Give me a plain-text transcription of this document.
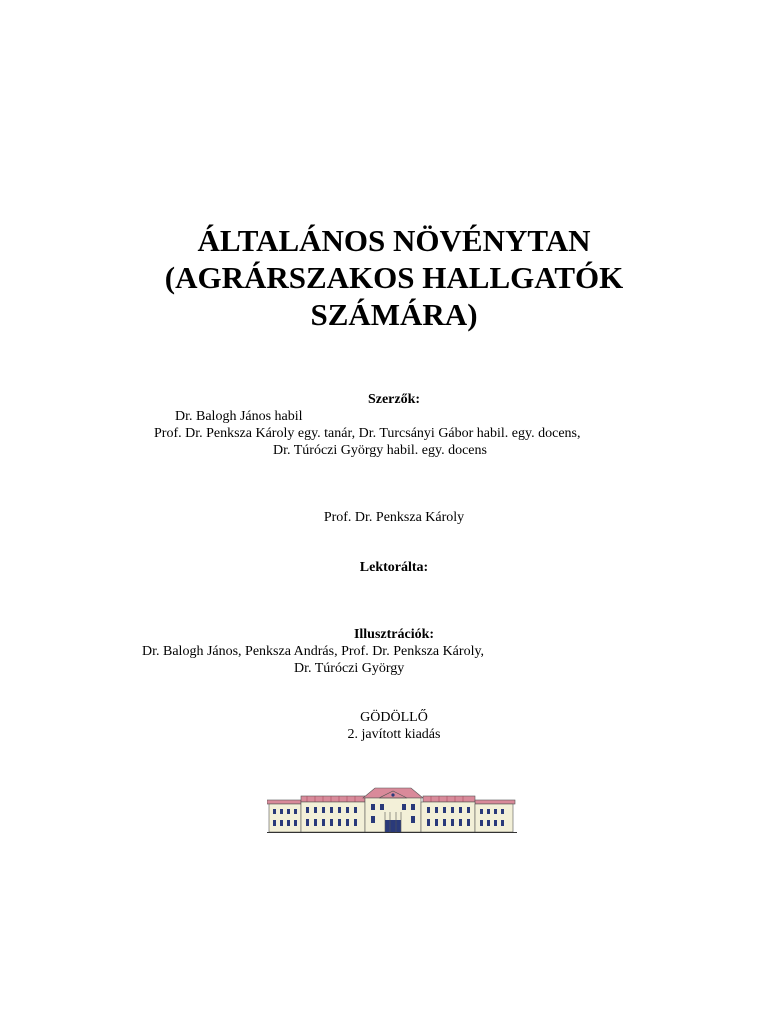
ÁLTALÁNOS NÖVÉNYTAN
(AGRÁRSZAKOS HALLGATÓK
SZÁMÁRA)

Szerzők:

Dr. Balogh János habil

Prof. Dr. Penksza Károly egy. tanár, Dr. Turcsányi Gábor habil. egy. docens,

Dr. Túróczi György habil. egy. docens

Prof. Dr. Penksza Károly

Lektorálta:

Illusztrációk:

Dr. Balogh János, Penksza András, Prof. Dr. Penksza Károly,

Dr. Túróczi György

GÖDÖLLŐ

2. javított kiadás
